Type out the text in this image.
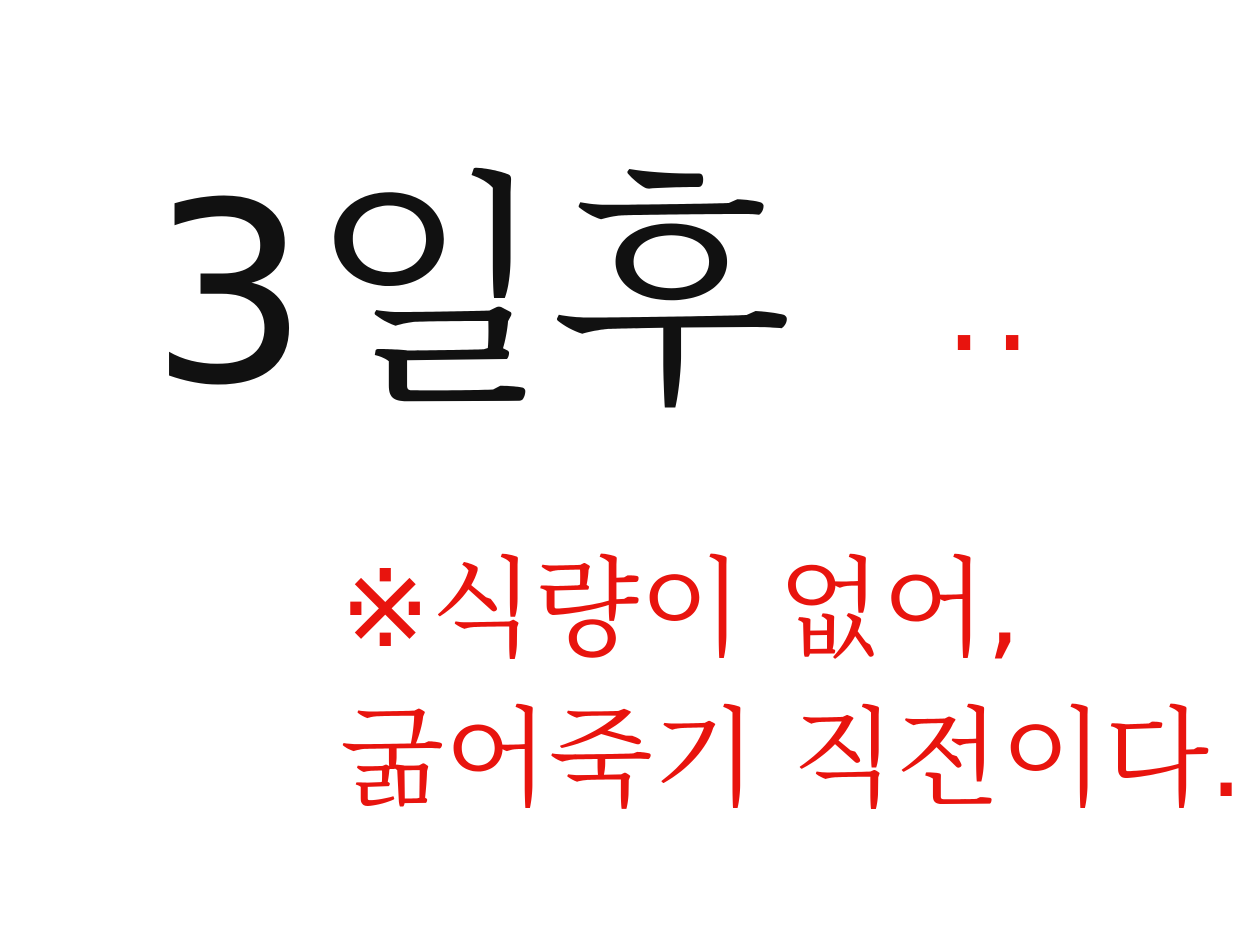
3일후 ..
※식량이 없어,
굶어죽기 직전이다.
